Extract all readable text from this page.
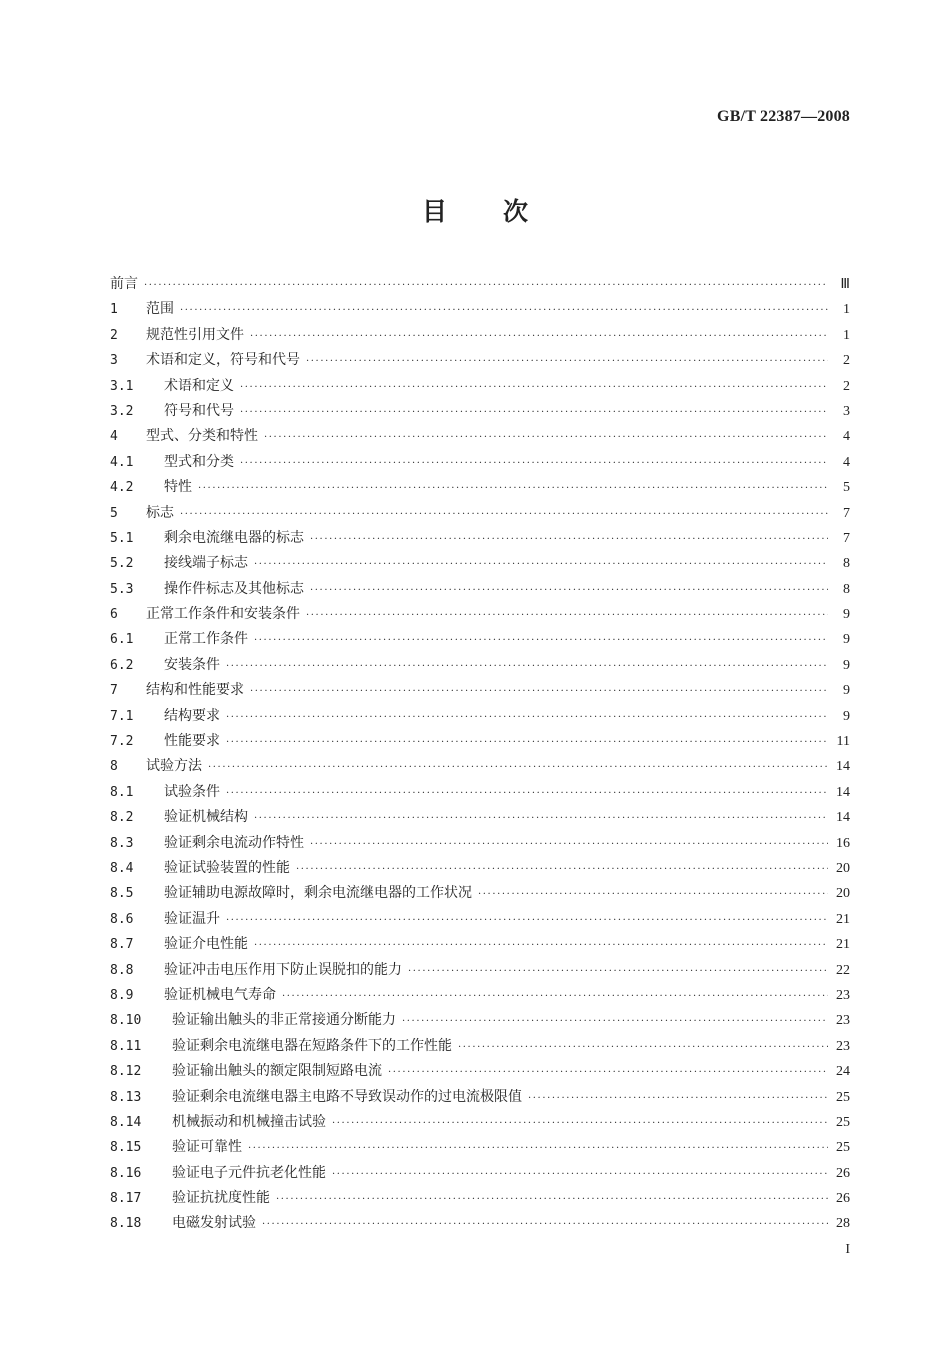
GB/T 22387—2008
目 次
前言 ·····	Ⅲ
1	范围 ·····	1
2	规范性引用文件 ·····	1
3	术语和定义，符号和代号 ·····	2
3.1	术语和定义 ·····	2
3.2	符号和代号 ·····	3
4	型式、分类和特性 ·····	4
4.1	型式和分类 ·····	4
4.2	特性 ·····	5
5	标志 ·····	7
5.1	剩余电流继电器的标志 ·····	7
5.2	接线端子标志 ·····	8
5.3	操作件标志及其他标志 ·····	8
6	正常工作条件和安装条件 ·····	9
6.1	正常工作条件 ·····	9
6.2	安装条件 ·····	9
7	结构和性能要求 ·····	9
7.1	结构要求 ·····	9
7.2	性能要求 ·····	11
8	试验方法 ·····	14
8.1	试验条件 ·····	14
8.2	验证机械结构 ·····	14
8.3	验证剩余电流动作特性 ·····	16
8.4	验证试验装置的性能 ·····	20
8.5	验证辅助电源故障时，剩余电流继电器的工作状况 ·····	20
8.6	验证温升 ·····	21
8.7	验证介电性能 ·····	21
8.8	验证冲击电压作用下防止误脱扣的能力 ·····	22
8.9	验证机械电气寿命 ·····	23
8.10	验证输出触头的非正常接通分断能力 ·····	23
8.11	验证剩余电流继电器在短路条件下的工作性能 ·····	23
8.12	验证输出触头的额定限制短路电流 ·····	24
8.13	验证剩余电流继电器主电路不导致误动作的过电流极限值 ·····	25
8.14	机械振动和机械撞击试验 ·····	25
8.15	验证可靠性 ·····	25
8.16	验证电子元件抗老化性能 ·····	26
8.17	验证抗扰度性能 ·····	26
8.18	电磁发射试验 ·····	28
I
